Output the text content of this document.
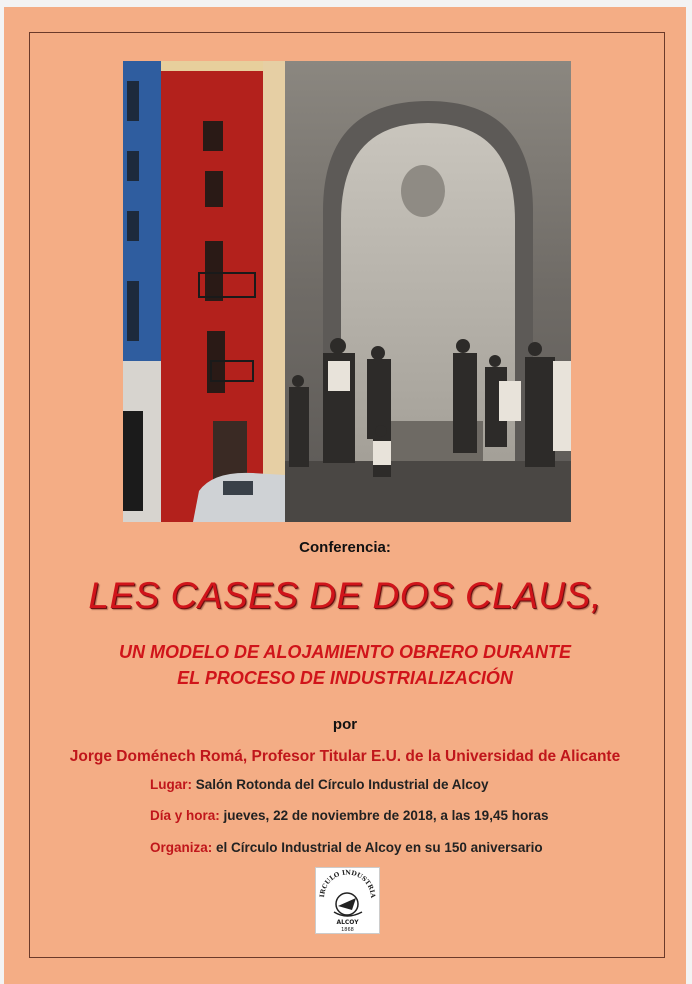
Conferencia:
LES CASES DE DOS CLAUS,
UN MODELO DE ALOJAMIENTO OBRERO DURANTE
EL PROCESO DE INDUSTRIALIZACIÓN
por
Jorge Doménech Romá, Profesor Titular E.U. de la Universidad de Alicante
Lugar: Salón Rotonda del Círculo Industrial de Alcoy
Día y hora: jueves, 22 de noviembre de 2018, a las 19,45 horas
Organiza: el Círculo Industrial de Alcoy en su 150 aniversario
IRCULO INDUSTRIA
ALCOY
1868
